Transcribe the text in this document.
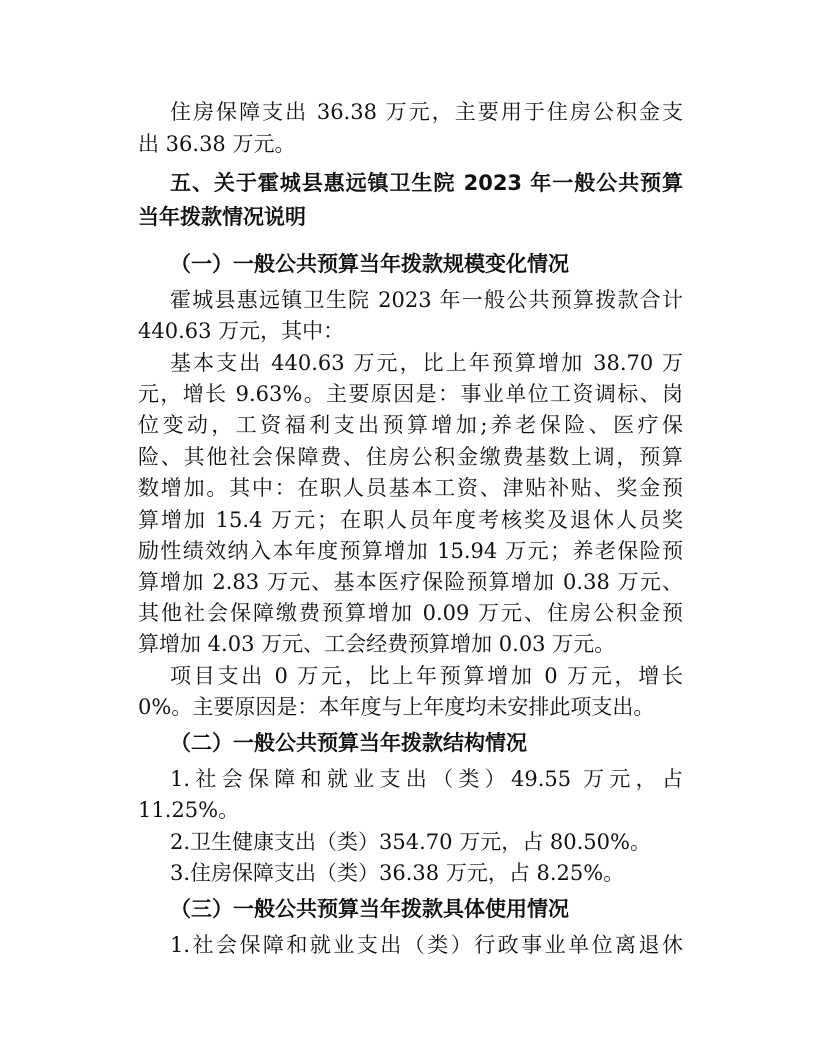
住房保障支出 36.38 万元，主要用于住房公积金支
出 36.38 万元。
五、关于霍城县惠远镇卫生院 2023 年一般公共预算
当年拨款情况说明
（一）一般公共预算当年拨款规模变化情况
霍城县惠远镇卫生院 2023 年一般公共预算拨款合计
440.63 万元，其中：
基本支出 440.63 万元，比上年预算增加 38.70 万
元，增长 9.63%。主要原因是：事业单位工资调标、岗
位变动，工资福利支出预算增加;养老保险、医疗保
险、其他社会保障费、住房公积金缴费基数上调，预算
数增加。其中：在职人员基本工资、津贴补贴、奖金预
算增加 15.4 万元；在职人员年度考核奖及退休人员奖
励性绩效纳入本年度预算增加 15.94 万元；养老保险预
算增加 2.83 万元、基本医疗保险预算增加 0.38 万元、
其他社会保障缴费预算增加 0.09 万元、住房公积金预
算增加 4.03 万元、工会经费预算增加 0.03 万元。
项目支出 0 万元，比上年预算增加 0 万元，增长
0%。主要原因是：本年度与上年度均未安排此项支出。
（二）一般公共预算当年拨款结构情况
1.社会保障和就业支出（类）49.55 万元，占
11.25%。
2.卫生健康支出（类）354.70 万元，占 80.50%。
3.住房保障支出（类）36.38 万元，占 8.25%。
（三）一般公共预算当年拨款具体使用情况
1.社会保障和就业支出（类）行政事业单位离退休
